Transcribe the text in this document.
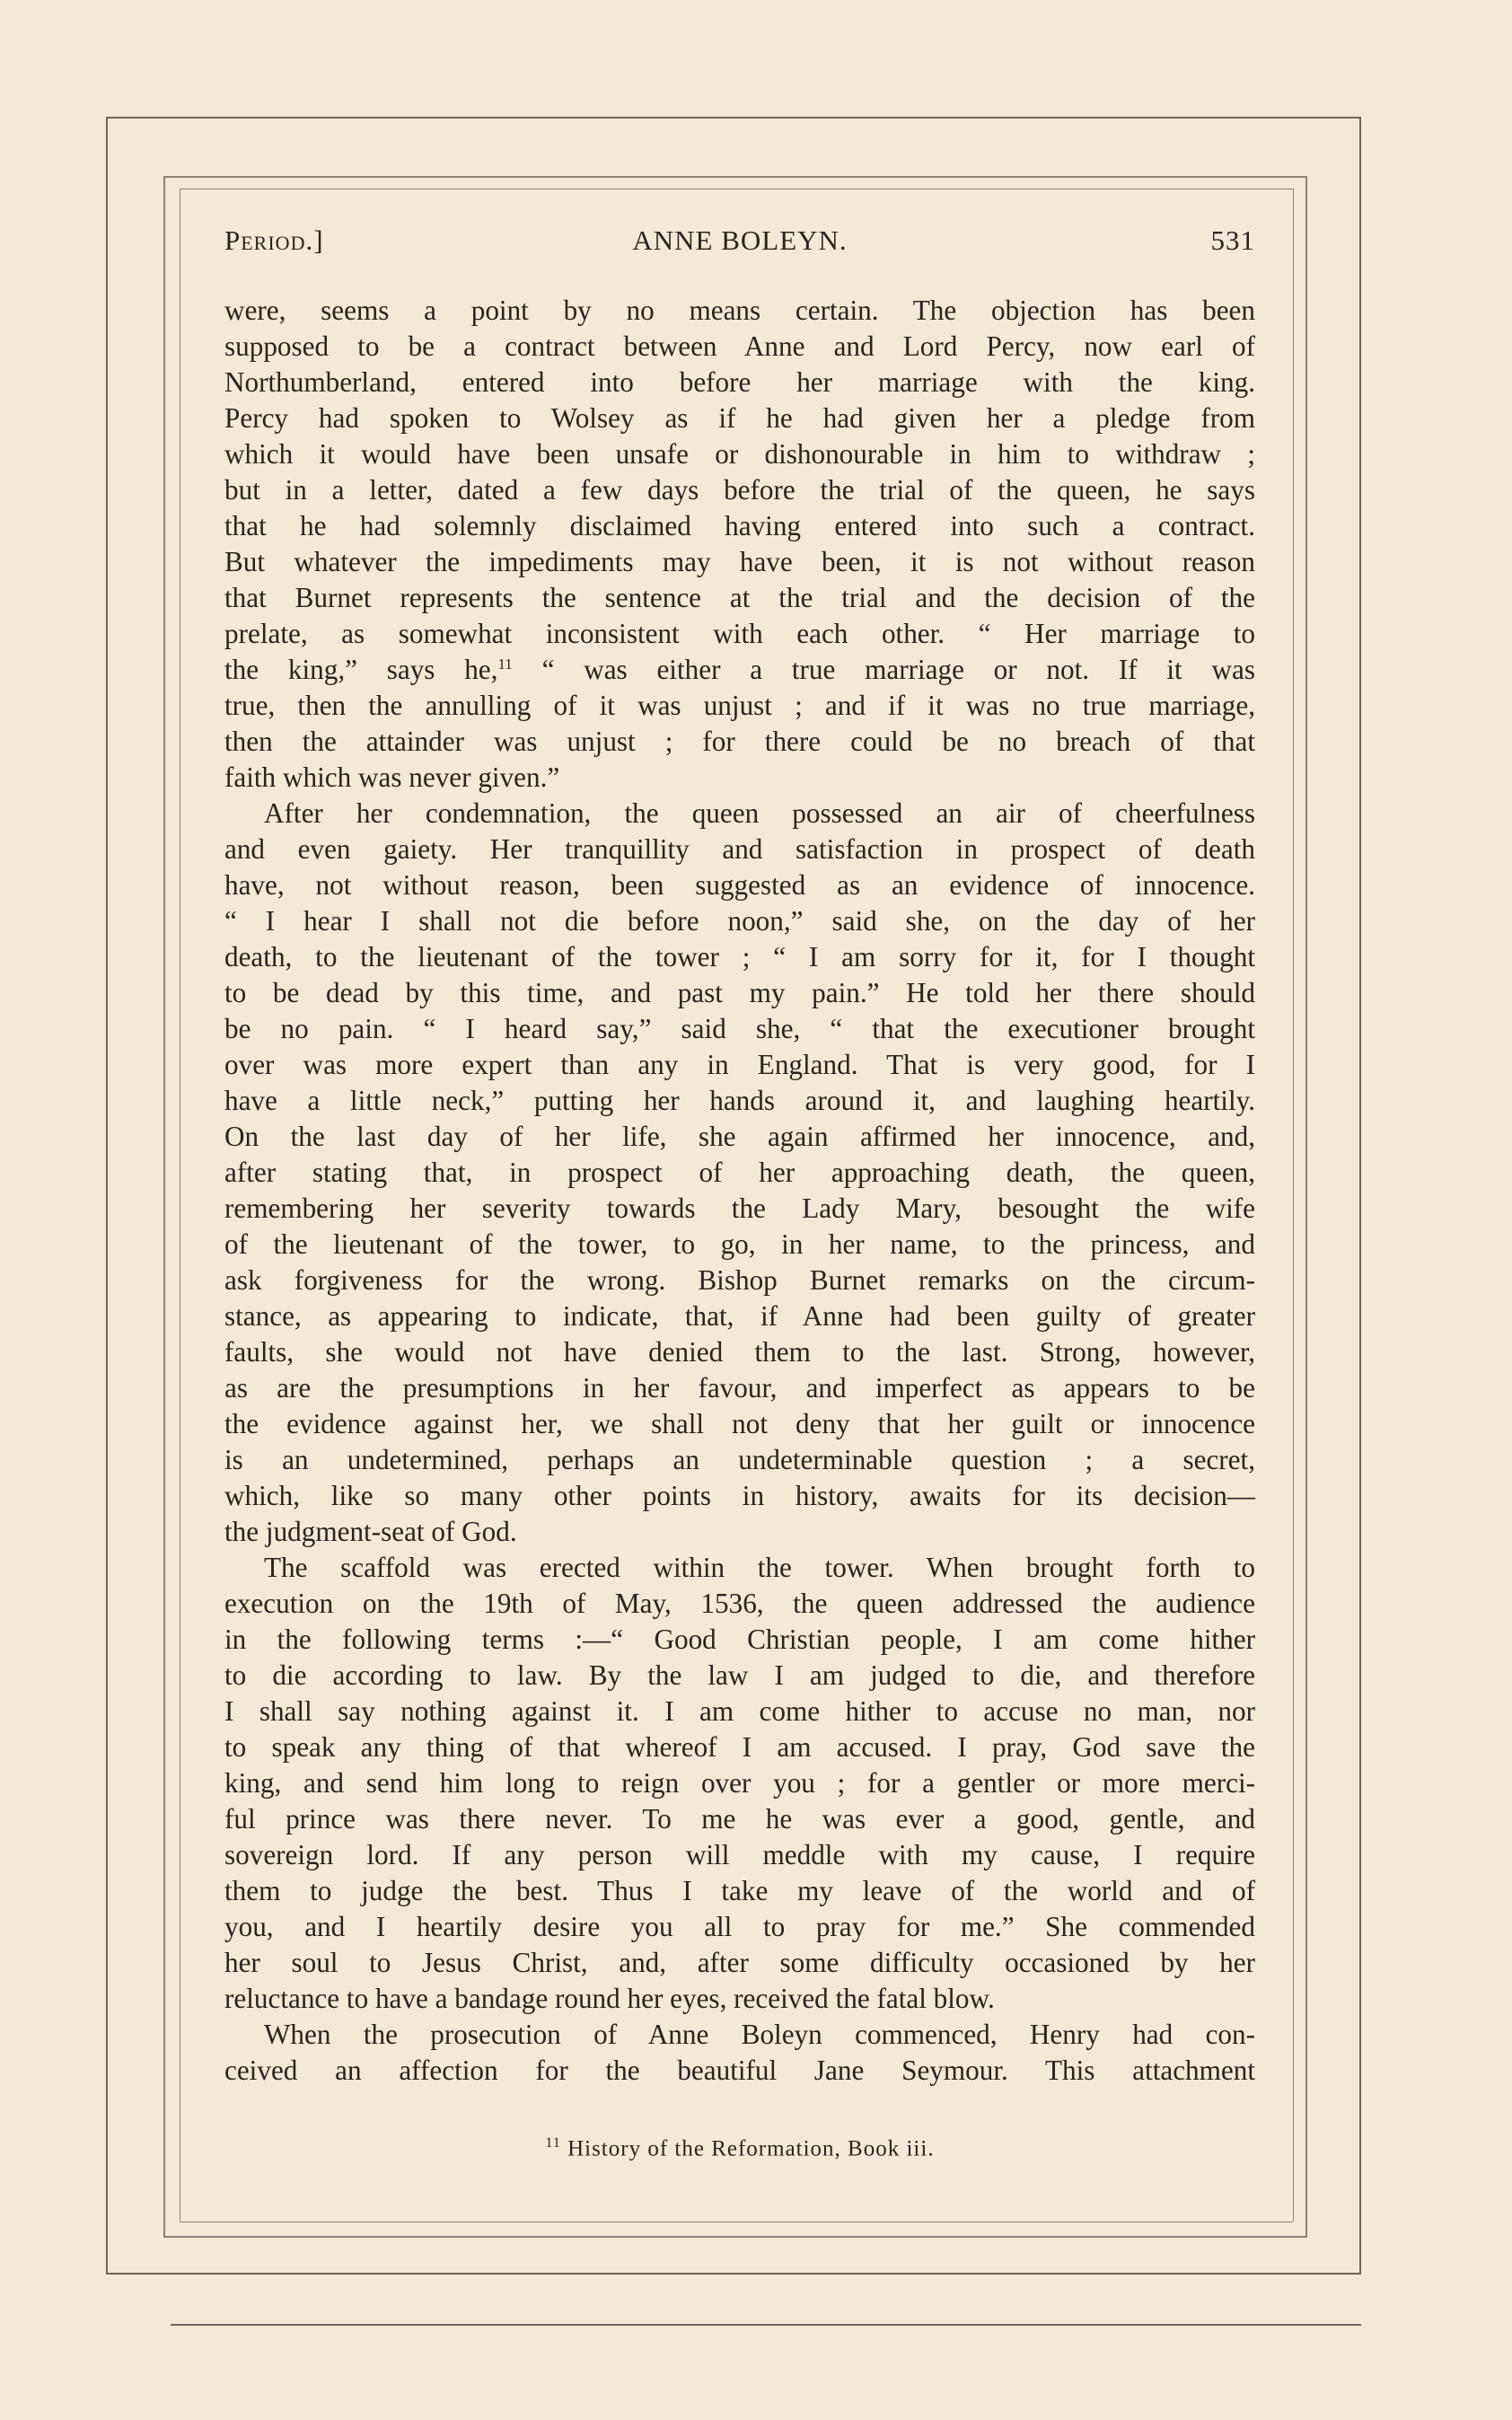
Period.]	ANNE BOLEYN.	531
were, seems a point by no means certain. The objection has been
supposed to be a contract between Anne and Lord Percy, now earl of
Northumberland, entered into before her marriage with the king.
Percy had spoken to Wolsey as if he had given her a pledge from
which it would have been unsafe or dishonourable in him to withdraw ;
but in a letter, dated a few days before the trial of the queen, he says
that he had solemnly disclaimed having entered into such a contract.
But whatever the impediments may have been, it is not without reason
that Burnet represents the sentence at the trial and the decision of the
prelate, as somewhat inconsistent with each other. “ Her marriage to
the king,” says he,$^{11}$ “ was either a true marriage or not. If it was
true, then the annulling of it was unjust ; and if it was no true marriage,
then the attainder was unjust ; for there could be no breach of that
faith which was never given.”
After her condemnation, the queen possessed an air of cheerfulness
and even gaiety. Her tranquillity and satisfaction in prospect of death
have, not without reason, been suggested as an evidence of innocence.
“ I hear I shall not die before noon,” said she, on the day of her
death, to the lieutenant of the tower ; “ I am sorry for it, for I thought
to be dead by this time, and past my pain.” He told her there should
be no pain. “ I heard say,” said she, “ that the executioner brought
over was more expert than any in England. That is very good, for I
have a little neck,” putting her hands around it, and laughing heartily.
On the last day of her life, she again affirmed her innocence, and,
after stating that, in prospect of her approaching death, the queen,
remembering her severity towards the Lady Mary, besought the wife
of the lieutenant of the tower, to go, in her name, to the princess, and
ask forgiveness for the wrong. Bishop Burnet remarks on the circum-
stance, as appearing to indicate, that, if Anne had been guilty of greater
faults, she would not have denied them to the last. Strong, however,
as are the presumptions in her favour, and imperfect as appears to be
the evidence against her, we shall not deny that her guilt or innocence
is an undetermined, perhaps an undeterminable question ; a secret,
which, like so many other points in history, awaits for its decision—
the judgment-seat of God.
The scaffold was erected within the tower. When brought forth to
execution on the 19th of May, 1536, the queen addressed the audience
in the following terms :—“ Good Christian people, I am come hither
to die according to law. By the law I am judged to die, and therefore
I shall say nothing against it. I am come hither to accuse no man, nor
to speak any thing of that whereof I am accused. I pray, God save the
king, and send him long to reign over you ; for a gentler or more merci-
ful prince was there never. To me he was ever a good, gentle, and
sovereign lord. If any person will meddle with my cause, I require
them to judge the best. Thus I take my leave of the world and of
you, and I heartily desire you all to pray for me.” She commended
her soul to Jesus Christ, and, after some difficulty occasioned by her
reluctance to have a bandage round her eyes, received the fatal blow.
When the prosecution of Anne Boleyn commenced, Henry had con-
ceived an affection for the beautiful Jane Seymour. This attachment
$^{11}$ History of the Reformation, Book iii.
